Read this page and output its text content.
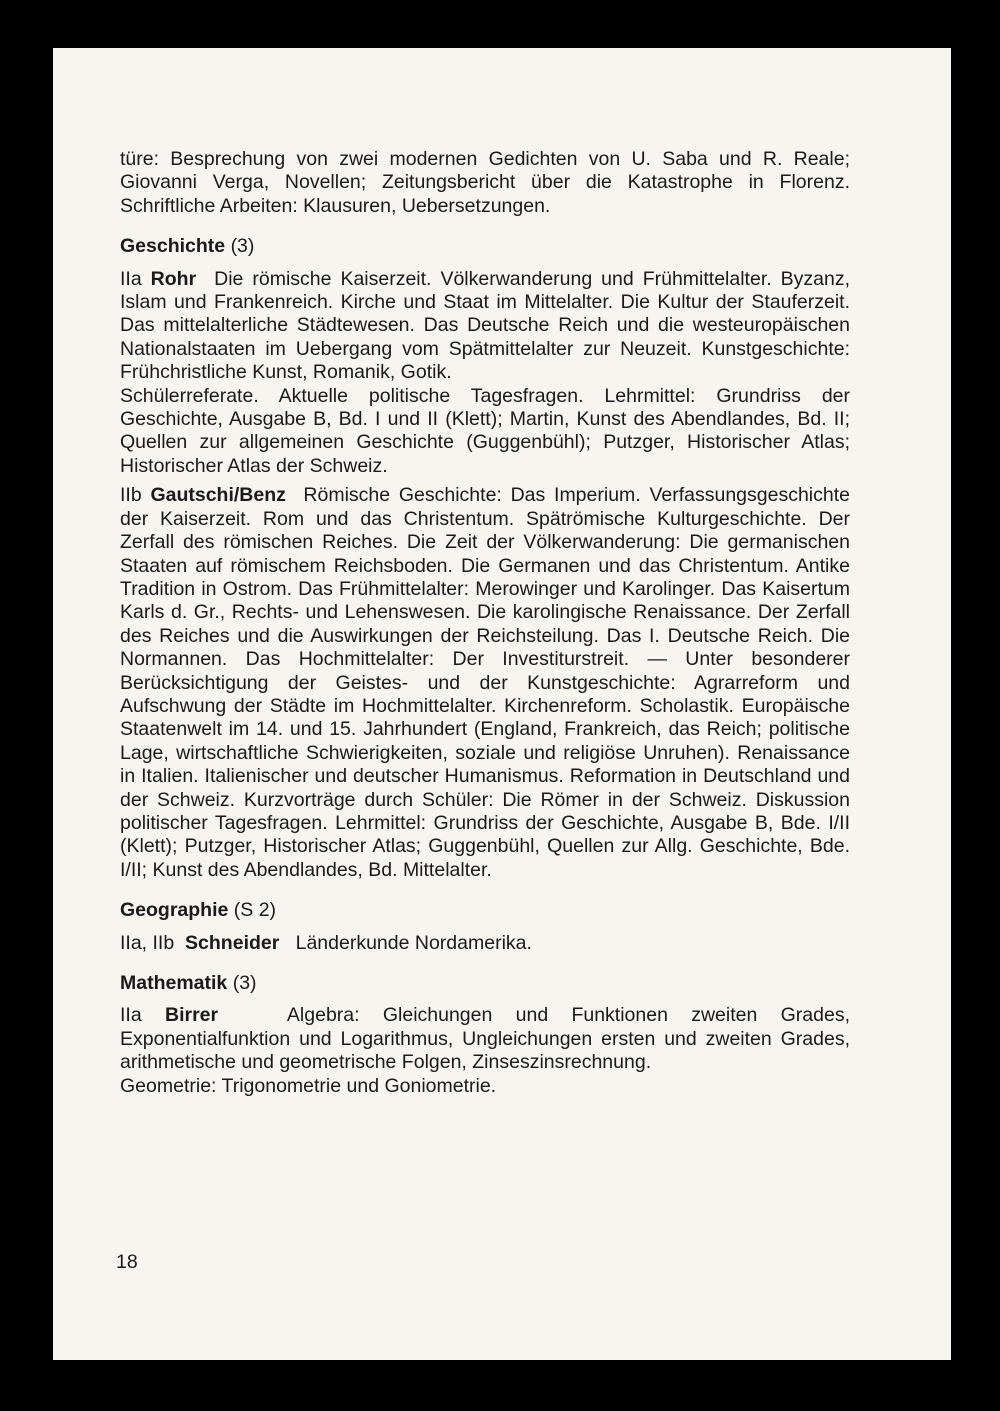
türe: Besprechung von zwei modernen Gedichten von U. Saba und R. Reale; Giovanni Verga, Novellen; Zeitungsbericht über die Katastrophe in Florenz. Schriftliche Arbeiten: Klausuren, Uebersetzungen.

Geschichte (3)

IIa Rohr Die römische Kaiserzeit. Völkerwanderung und Frühmittelalter. Byzanz, Islam und Frankenreich. Kirche und Staat im Mittelalter. Die Kultur der Stauferzeit. Das mittelalterliche Städtewesen. Das Deutsche Reich und die westeuropäischen Nationalstaaten im Uebergang vom Spätmittelalter zur Neuzeit. Kunstgeschichte: Frühchristliche Kunst, Romanik, Gotik.

Schülerreferate. Aktuelle politische Tagesfragen. Lehrmittel: Grundriss der Geschichte, Ausgabe B, Bd. I und II (Klett); Martin, Kunst des Abendlandes, Bd. II; Quellen zur allgemeinen Geschichte (Guggenbühl); Putzger, Historischer Atlas; Historischer Atlas der Schweiz.

IIb Gautschi/Benz Römische Geschichte: Das Imperium. Verfassungsgeschichte der Kaiserzeit. Rom und das Christentum. Spätrömische Kulturgeschichte. Der Zerfall des römischen Reiches. Die Zeit der Völkerwanderung: Die germanischen Staaten auf römischem Reichsboden. Die Germanen und das Christentum. Antike Tradition in Ostrom. Das Frühmittelalter: Merowinger und Karolinger. Das Kaisertum Karls d. Gr., Rechts- und Lehenswesen. Die karolingische Renaissance. Der Zerfall des Reiches und die Auswirkungen der Reichsteilung. Das I. Deutsche Reich. Die Normannen. Das Hochmittelalter: Der Investiturstreit. — Unter besonderer Berücksichtigung der Geistes- und der Kunstgeschichte: Agrarreform und Aufschwung der Städte im Hochmittelalter. Kirchenreform. Scholastik. Europäische Staatenwelt im 14. und 15. Jahrhundert (England, Frankreich, das Reich; politische Lage, wirtschaftliche Schwierigkeiten, soziale und religiöse Unruhen). Renaissance in Italien. Italienischer und deutscher Humanismus. Reformation in Deutschland und der Schweiz. Kurzvorträge durch Schüler: Die Römer in der Schweiz. Diskussion politischer Tagesfragen. Lehrmittel: Grundriss der Geschichte, Ausgabe B, Bde. I/II (Klett); Putzger, Historischer Atlas; Guggenbühl, Quellen zur Allg. Geschichte, Bde. I/II; Kunst des Abendlandes, Bd. Mittelalter.

Geographie (S 2)

IIa, IIb Schneider Länderkunde Nordamerika.

Mathematik (3)

IIa Birrer	Algebra: Gleichungen und Funktionen zweiten Grades, Exponentialfunktion und Logarithmus, Ungleichungen ersten und zweiten Grades, arithmetische und geometrische Folgen, Zinseszinsrechnung.

Geometrie: Trigonometrie und Goniometrie.

18
